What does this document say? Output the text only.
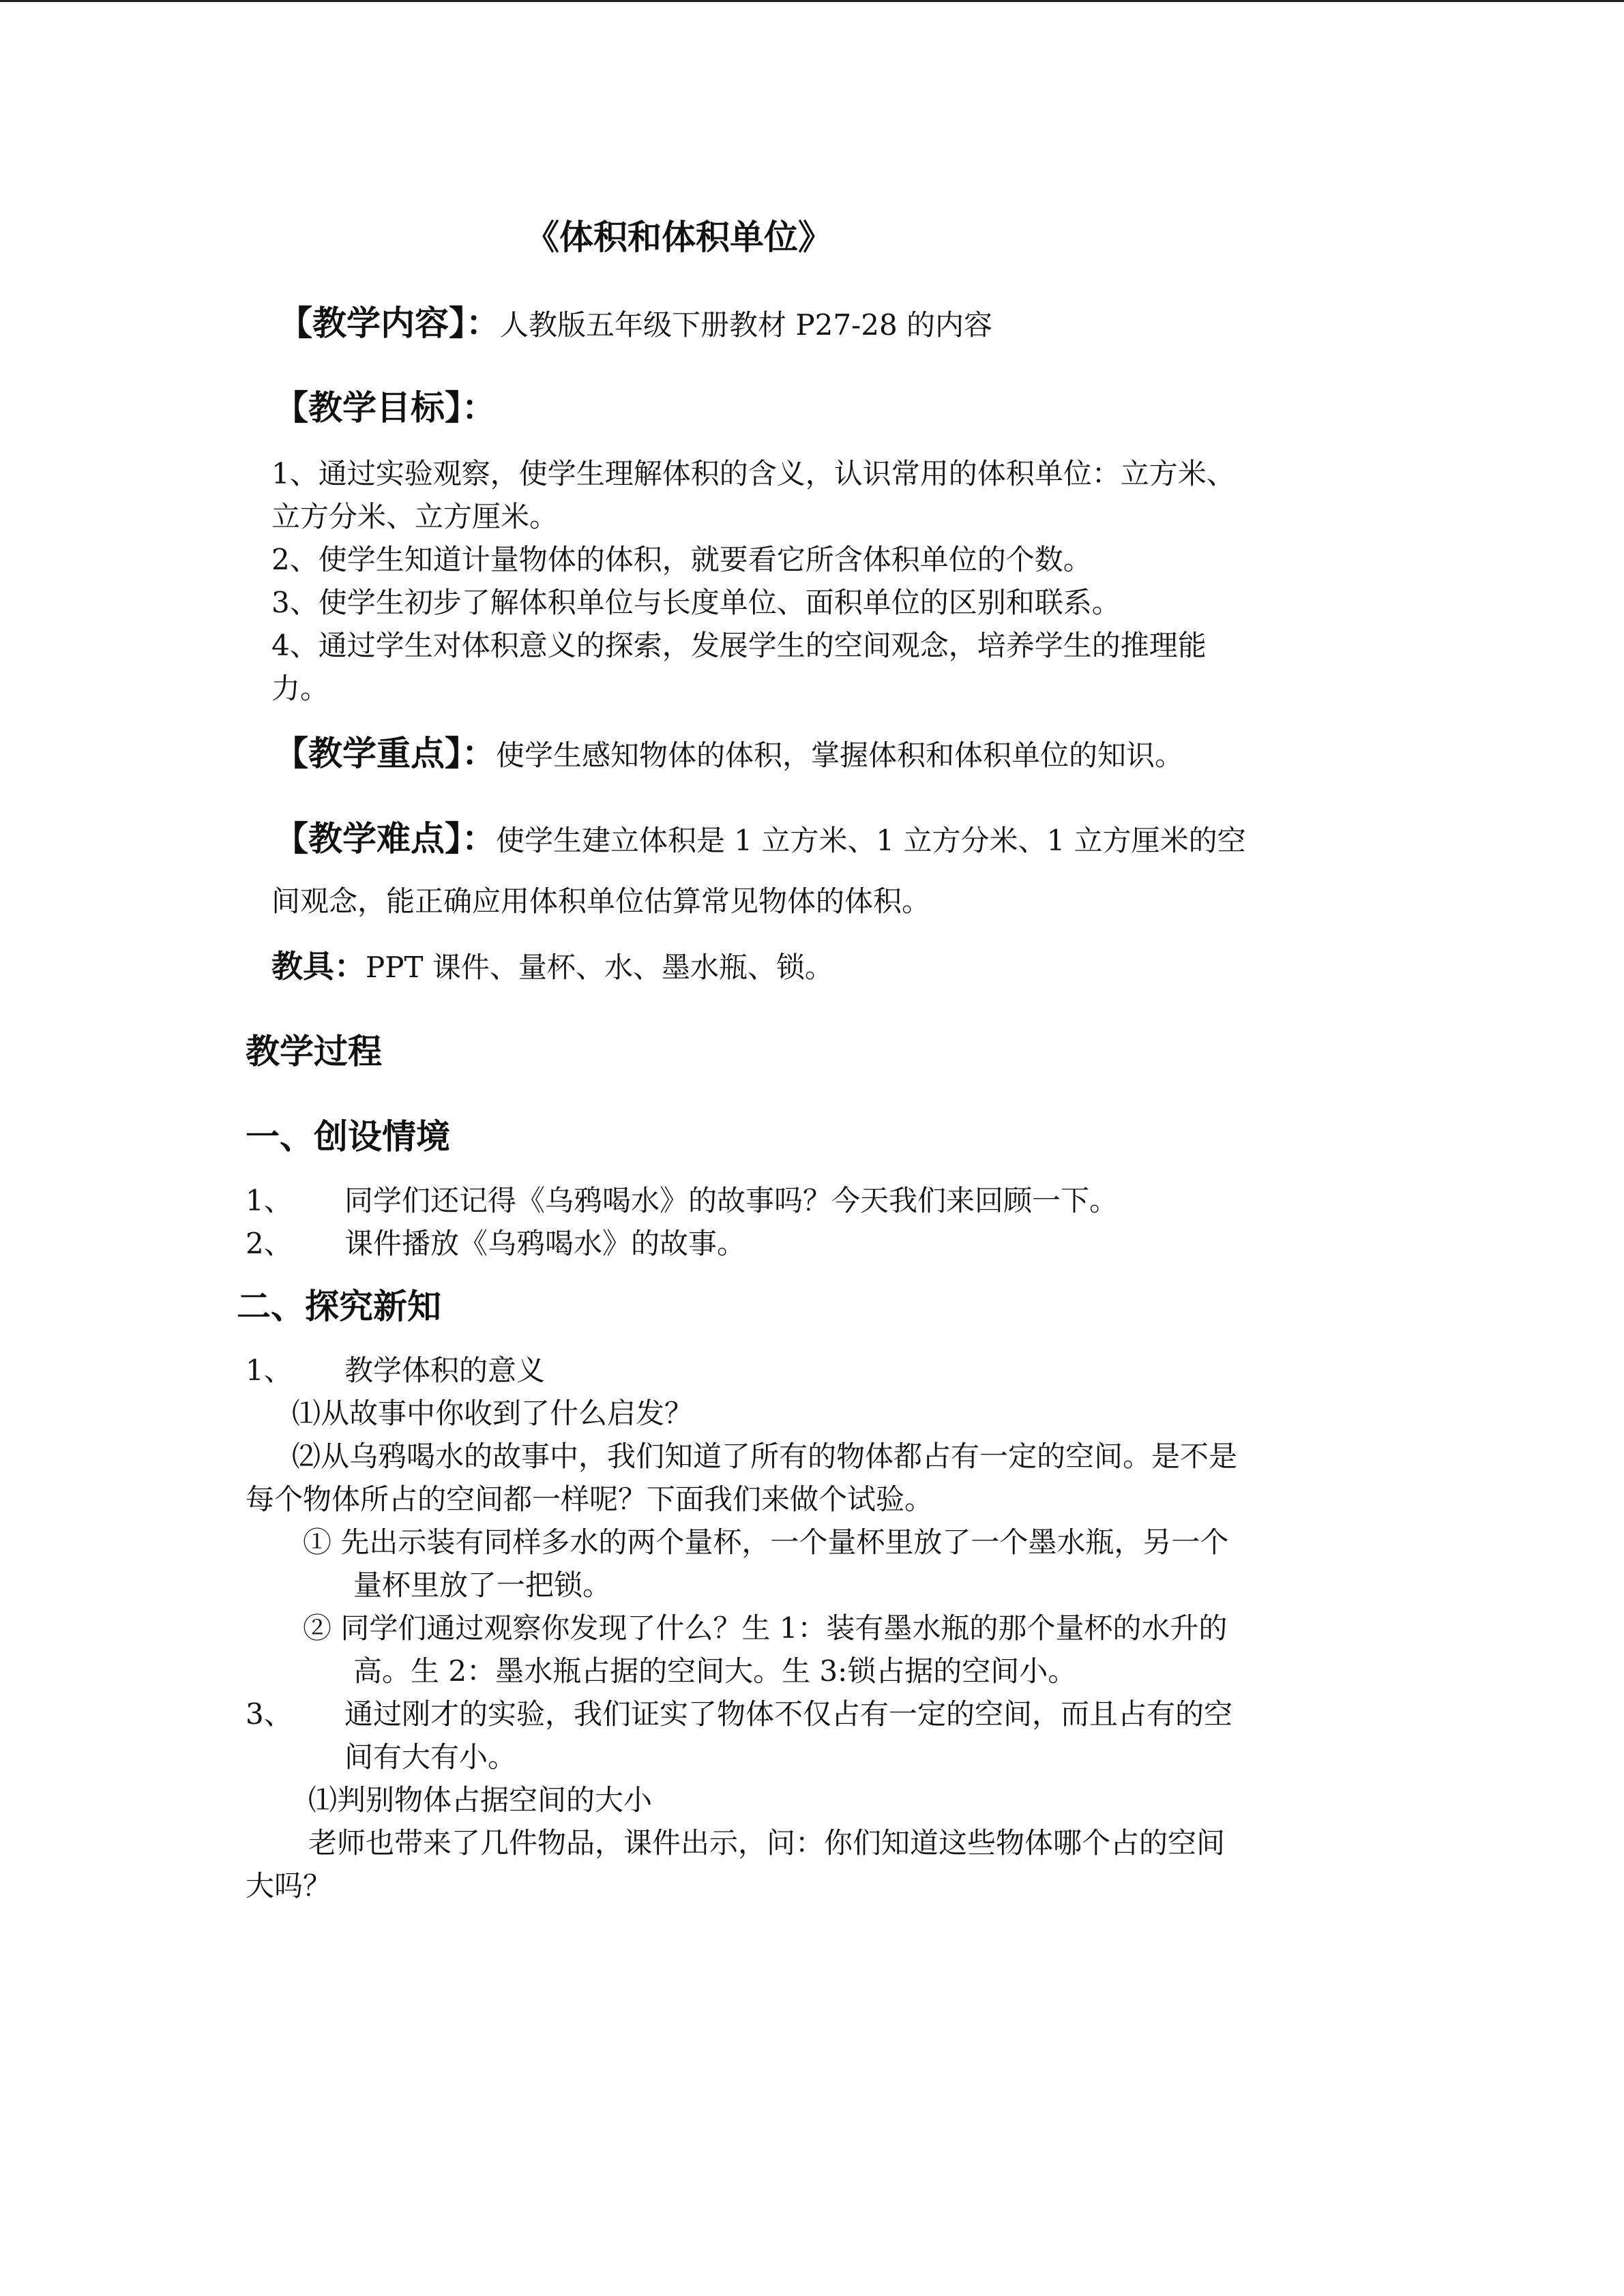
《体积和体积单位》
【教学内容】：人教版五年级下册教材 P27-28 的内容
【教学目标】：
1、通过实验观察，使学生理解体积的含义，认识常用的体积单位：立方米、
立方分米、立方厘米。
2、使学生知道计量物体的体积，就要看它所含体积单位的个数。
3、使学生初步了解体积单位与长度单位、面积单位的区别和联系。
4、通过学生对体积意义的探索，发展学生的空间观念，培养学生的推理能
力。
【教学重点】：使学生感知物体的体积，掌握体积和体积单位的知识。
【教学难点】：使学生建立体积是 1 立方米、1 立方分米、1 立方厘米的空
间观念，能正确应用体积单位估算常见物体的体积。
教具：PPT 课件、量杯、水、墨水瓶、锁。
教学过程
一、创设情境
1、 同学们还记得《乌鸦喝水》的故事吗？今天我们来回顾一下。
2、 课件播放《乌鸦喝水》的故事。
二、探究新知
1、 教学体积的意义
⑴从故事中你收到了什么启发？
⑵从乌鸦喝水的故事中，我们知道了所有的物体都占有一定的空间。是不是
每个物体所占的空间都一样呢？下面我们来做个试验。
① 先出示装有同样多水的两个量杯，一个量杯里放了一个墨水瓶，另一个
量杯里放了一把锁。
② 同学们通过观察你发现了什么？生 1：装有墨水瓶的那个量杯的水升的
高。生 2：墨水瓶占据的空间大。生 3:锁占据的空间小。
3、 通过刚才的实验，我们证实了物体不仅占有一定的空间，而且占有的空
间有大有小。
⑴判别物体占据空间的大小
老师也带来了几件物品，课件出示，问：你们知道这些物体哪个占的空间
大吗？
